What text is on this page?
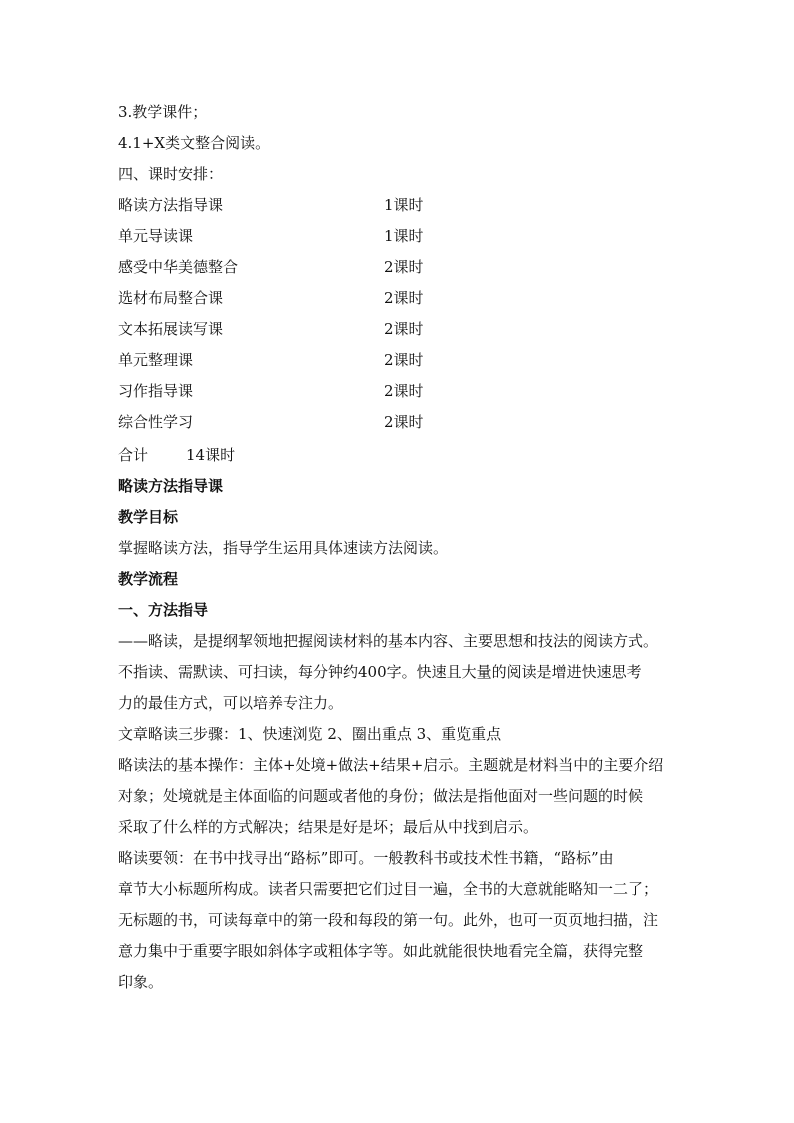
3.教学课件；
4.1+X类文整合阅读。
四、课时安排：
略读方法指导课	1课时
单元导读课	1课时
感受中华美德整合	2课时
选材布局整合课	2课时
文本拓展读写课	2课时
单元整理课	2课时
习作指导课	2课时
综合性学习	2课时
合计	14课时
略读方法指导课
教学目标
掌握略读方法，指导学生运用具体速读方法阅读。
教学流程
一、方法指导
——略读，是提纲挈领地把握阅读材料的基本内容、主要思想和技法的阅读方式。
不指读、需默读、可扫读，每分钟约400字。快速且大量的阅读是增进快速思考
力的最佳方式，可以培养专注力。
文章略读三步骤：1、快速浏览 2、圈出重点 3、重览重点
略读法的基本操作：主体+处境+做法+结果+启示。主题就是材料当中的主要介绍
对象；处境就是主体面临的问题或者他的身份；做法是指他面对一些问题的时候
采取了什么样的方式解决；结果是好是坏；最后从中找到启示。
略读要领：在书中找寻出“路标”即可。一般教科书或技术性书籍，“路标”由
章节大小标题所构成。读者只需要把它们过目一遍，全书的大意就能略知一二了；
无标题的书，可读每章中的第一段和每段的第一句。此外，也可一页页地扫描，注
意力集中于重要字眼如斜体字或粗体字等。如此就能很快地看完全篇，获得完整
印象。
